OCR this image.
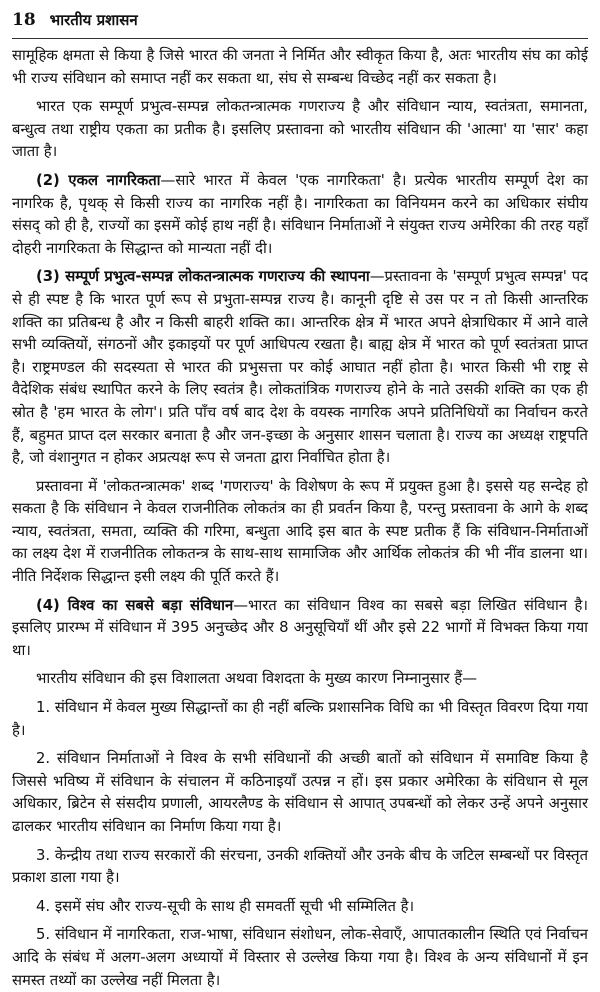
18 भारतीय प्रशासन

सामूहिक क्षमता से किया है जिसे भारत की जनता ने निर्मित और स्वीकृत किया है, अतः भारतीय संघ का कोई भी राज्य संविधान को समाप्त नहीं कर सकता था, संघ से सम्बन्ध विच्छेद नहीं कर सकता है।

भारत एक सम्पूर्ण प्रभुत्व-सम्पन्न लोकतन्त्रात्मक गणराज्य है और संविधान न्याय, स्वतंत्रता, समानता, बन्धुत्व तथा राष्ट्रीय एकता का प्रतीक है। इसलिए प्रस्तावना को भारतीय संविधान की 'आत्मा' या 'सार' कहा जाता है।

(2) एकल नागरिकता—सारे भारत में केवल 'एक नागरिकता' है। प्रत्येक भारतीय सम्पूर्ण देश का नागरिक है, पृथक् से किसी राज्य का नागरिक नहीं है। नागरिकता का विनियमन करने का अधिकार संघीय संसद् को ही है, राज्यों का इसमें कोई हाथ नहीं है। संविधान निर्माताओं ने संयुक्त राज्य अमेरिका की तरह यहाँ दोहरी नागरिकता के सिद्धान्त को मान्यता नहीं दी।

(3) सम्पूर्ण प्रभुत्व-सम्पन्न लोकतन्त्रात्मक गणराज्य की स्थापना—प्रस्तावना के 'सम्पूर्ण प्रभुत्व सम्पन्न' पद से ही स्पष्ट है कि भारत पूर्ण रूप से प्रभुता-सम्पन्न राज्य है। कानूनी दृष्टि से उस पर न तो किसी आन्तरिक शक्ति का प्रतिबन्ध है और न किसी बाहरी शक्ति का। आन्तरिक क्षेत्र में भारत अपने क्षेत्राधिकार में आने वाले सभी व्यक्तियों, संगठनों और इकाइयों पर पूर्ण आधिपत्य रखता है। बाह्य क्षेत्र में भारत को पूर्ण स्वतंत्रता प्राप्त है। राष्ट्रमण्डल की सदस्यता से भारत की प्रभुसत्ता पर कोई आघात नहीं होता है। भारत किसी भी राष्ट्र से वैदेशिक संबंध स्थापित करने के लिए स्वतंत्र है। लोकतांत्रिक गणराज्य होने के नाते उसकी शक्ति का एक ही स्रोत है 'हम भारत के लोग'। प्रति पाँच वर्ष बाद देश के वयस्क नागरिक अपने प्रतिनिधियों का निर्वाचन करते हैं, बहुमत प्राप्त दल सरकार बनाता है और जन-इच्छा के अनुसार शासन चलाता है। राज्य का अध्यक्ष राष्ट्रपति है, जो वंशानुगत न होकर अप्रत्यक्ष रूप से जनता द्वारा निर्वाचित होता है।

प्रस्तावना में 'लोकतन्त्रात्मक' शब्द 'गणराज्य' के विशेषण के रूप में प्रयुक्त हुआ है। इससे यह सन्देह हो सकता है कि संविधान ने केवल राजनीतिक लोकतंत्र का ही प्रवर्तन किया है, परन्तु प्रस्तावना के आगे के शब्द न्याय, स्वतंत्रता, समता, व्यक्ति की गरिमा, बन्धुता आदि इस बात के स्पष्ट प्रतीक हैं कि संविधान-निर्माताओं का लक्ष्य देश में राजनीतिक लोकतन्त्र के साथ-साथ सामाजिक और आर्थिक लोकतंत्र की भी नींव डालना था। नीति निर्देशक सिद्धान्त इसी लक्ष्य की पूर्ति करते हैं।

(4) विश्व का सबसे बड़ा संविधान—भारत का संविधान विश्व का सबसे बड़ा लिखित संविधान है। इसलिए प्रारम्भ में संविधान में 395 अनुच्छेद और 8 अनुसूचियाँ थीं और इसे 22 भागों में विभक्त किया गया था।

भारतीय संविधान की इस विशालता अथवा विशदता के मुख्य कारण निम्नानुसार हैं—

1. संविधान में केवल मुख्य सिद्धान्तों का ही नहीं बल्कि प्रशासनिक विधि का भी विस्तृत विवरण दिया गया है।

2. संविधान निर्माताओं ने विश्व के सभी संविधानों की अच्छी बातों को संविधान में समाविष्ट किया है जिससे भविष्य में संविधान के संचालन में कठिनाइयाँ उत्पन्न न हों। इस प्रकार अमेरिका के संविधान से मूल अधिकार, ब्रिटेन से संसदीय प्रणाली, आयरलैण्ड के संविधान से आपात् उपबन्धों को लेकर उन्हें अपने अनुसार ढालकर भारतीय संविधान का निर्माण किया गया है।

3. केन्द्रीय तथा राज्य सरकारों की संरचना, उनकी शक्तियों और उनके बीच के जटिल सम्बन्धों पर विस्तृत प्रकाश डाला गया है।

4. इसमें संघ और राज्य-सूची के साथ ही समवर्ती सूची भी सम्मिलित है।

5. संविधान में नागरिकता, राज-भाषा, संविधान संशोधन, लोक-सेवाएँ, आपातकालीन स्थिति एवं निर्वाचन आदि के संबंध में अलग-अलग अध्यायों में विस्तार से उल्लेख किया गया है। विश्व के अन्य संविधानों में इन समस्त तथ्यों का उल्लेख नहीं मिलता है।
